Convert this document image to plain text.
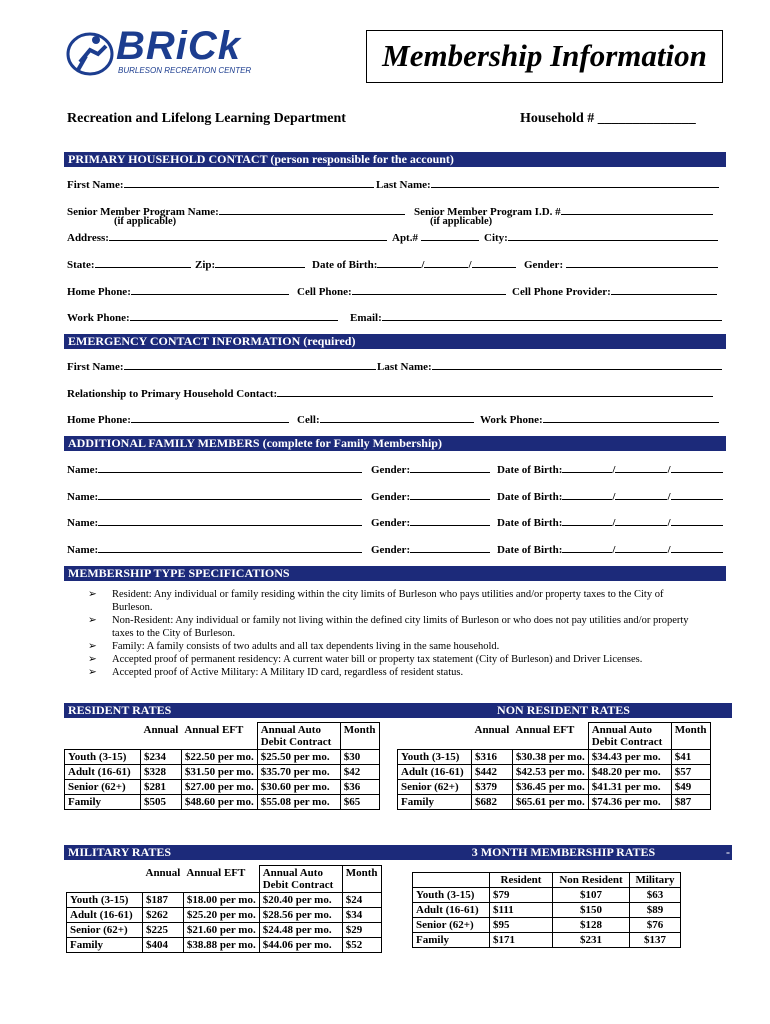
BRiCk
BURLESON RECREATION CENTER	Membership Information
Recreation and Lifelong Learning Department	Household # ______________
PRIMARY HOUSEHOLD CONTACT (person responsible for the account)
First Name:	Last Name:
Senior Member Program Name:
(if applicable)
Senior Member Program I.D. #
(if applicable)
Address:	Apt.#	City:
State:	Zip:	Date of Birth:	/	/	Gender:
Home Phone:	Cell Phone:	Cell Phone Provider:
Work Phone:	Email:
EMERGENCY CONTACT INFORMATION (required)
First Name:	Last Name:
Relationship to Primary Household Contact:
Home Phone:	Cell:	Work Phone:
ADDITIONAL FAMILY MEMBERS (complete for Family Membership)
Name:	Gender:	Date of Birth:	/	/
Name:	Gender:	Date of Birth:	/	/
Name:	Gender:	Date of Birth:	/	/
Name:	Gender:	Date of Birth:	/	/
MEMBERSHIP TYPE SPECIFICATIONS
➢ Resident: Any individual or family residing within the city limits of Burleson who pays utilities and/or property taxes to the City of Burleson.
➢ Non-Resident: Any individual or family not living within the defined city limits of Burleson or who does not pay utilities and/or property taxes to the City of Burleson.
➢ Family: A family consists of two adults and all tax dependents living in the same household.
➢ Accepted proof of permanent residency: A current water bill or property tax statement (City of Burleson) and Driver Licenses.
➢ Accepted proof of Active Military: A Military ID card, regardless of resident status.
RESIDENT RATES	NON RESIDENT RATES
	Annual	Annual EFT	Annual Auto Debit Contract	Month
Youth (3-15)	$234	$22.50 per mo.	$25.50 per mo.	$30
Adult (16-61)	$328	$31.50 per mo.	$35.70 per mo.	$42
Senior (62+)	$281	$27.00 per mo.	$30.60 per mo.	$36
Family	$505	$48.60 per mo.	$55.08 per mo.	$65
	Annual	Annual EFT	Annual Auto Debit Contract	Month
Youth (3-15)	$316	$30.38 per mo.	$34.43 per mo.	$41
Adult (16-61)	$442	$42.53 per mo.	$48.20 per mo.	$57
Senior (62+)	$379	$36.45 per mo.	$41.31 per mo.	$49
Family	$682	$65.61 per mo.	$74.36 per mo.	$87
MILITARY RATES	3 MONTH MEMBERSHIP RATES	-
	Annual	Annual EFT	Annual Auto Debit Contract	Month
Youth (3-15)	$187	$18.00 per mo.	$20.40 per mo.	$24
Adult (16-61)	$262	$25.20 per mo.	$28.56 per mo.	$34
Senior (62+)	$225	$21.60 per mo.	$24.48 per mo.	$29
Family	$404	$38.88 per mo.	$44.06 per mo.	$52
	Resident	Non Resident	Military
Youth (3-15)	$79	$107	$63
Adult (16-61)	$111	$150	$89
Senior (62+)	$95	$128	$76
Family	$171	$231	$137
